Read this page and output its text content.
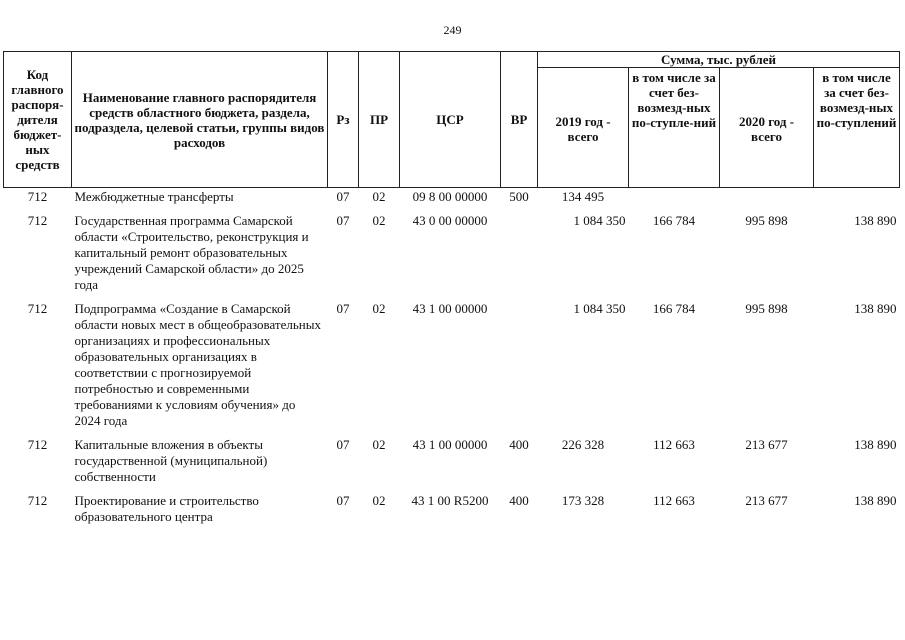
249
Код главного распоря-дителя бюджет-ных средств	Наименование главного распорядителя средств областного бюджета, раздела, подраздела, целевой статьи, группы видов расходов	Рз	ПР	ЦСР	ВР	Сумма, тыс. рублей			
						2019 год - всего	в том числе за счет без-возмезд-ных по-ступле-ний	2020 год - всего	в том числе за счет без-возмезд-ных по-ступлений
712	Межбюджетные трансферты	07	02	09 8 00 00000	500	134 495			
712	Государственная программа Самарской области «Строительство, реконструкция и капитальный ремонт образовательных учреждений Самарской области» до 2025 года	07	02	43 0 00 00000		1 084 350	166 784	995 898	138 890
712	Подпрограмма «Создание в Самарской области новых мест в общеобразовательных организациях и профессиональных образовательных организациях в соответствии с прогнозируемой потребностью и современными требованиями к условиям обучения» до 2024 года	07	02	43 1 00 00000		1 084 350	166 784	995 898	138 890
712	Капитальные вложения в объекты государственной (муниципальной) собственности	07	02	43 1 00 00000	400	226 328	112 663	213 677	138 890
712	Проектирование и строительство образовательного центра	07	02	43 1 00 R5200	400	173 328	112 663	213 677	138 890
